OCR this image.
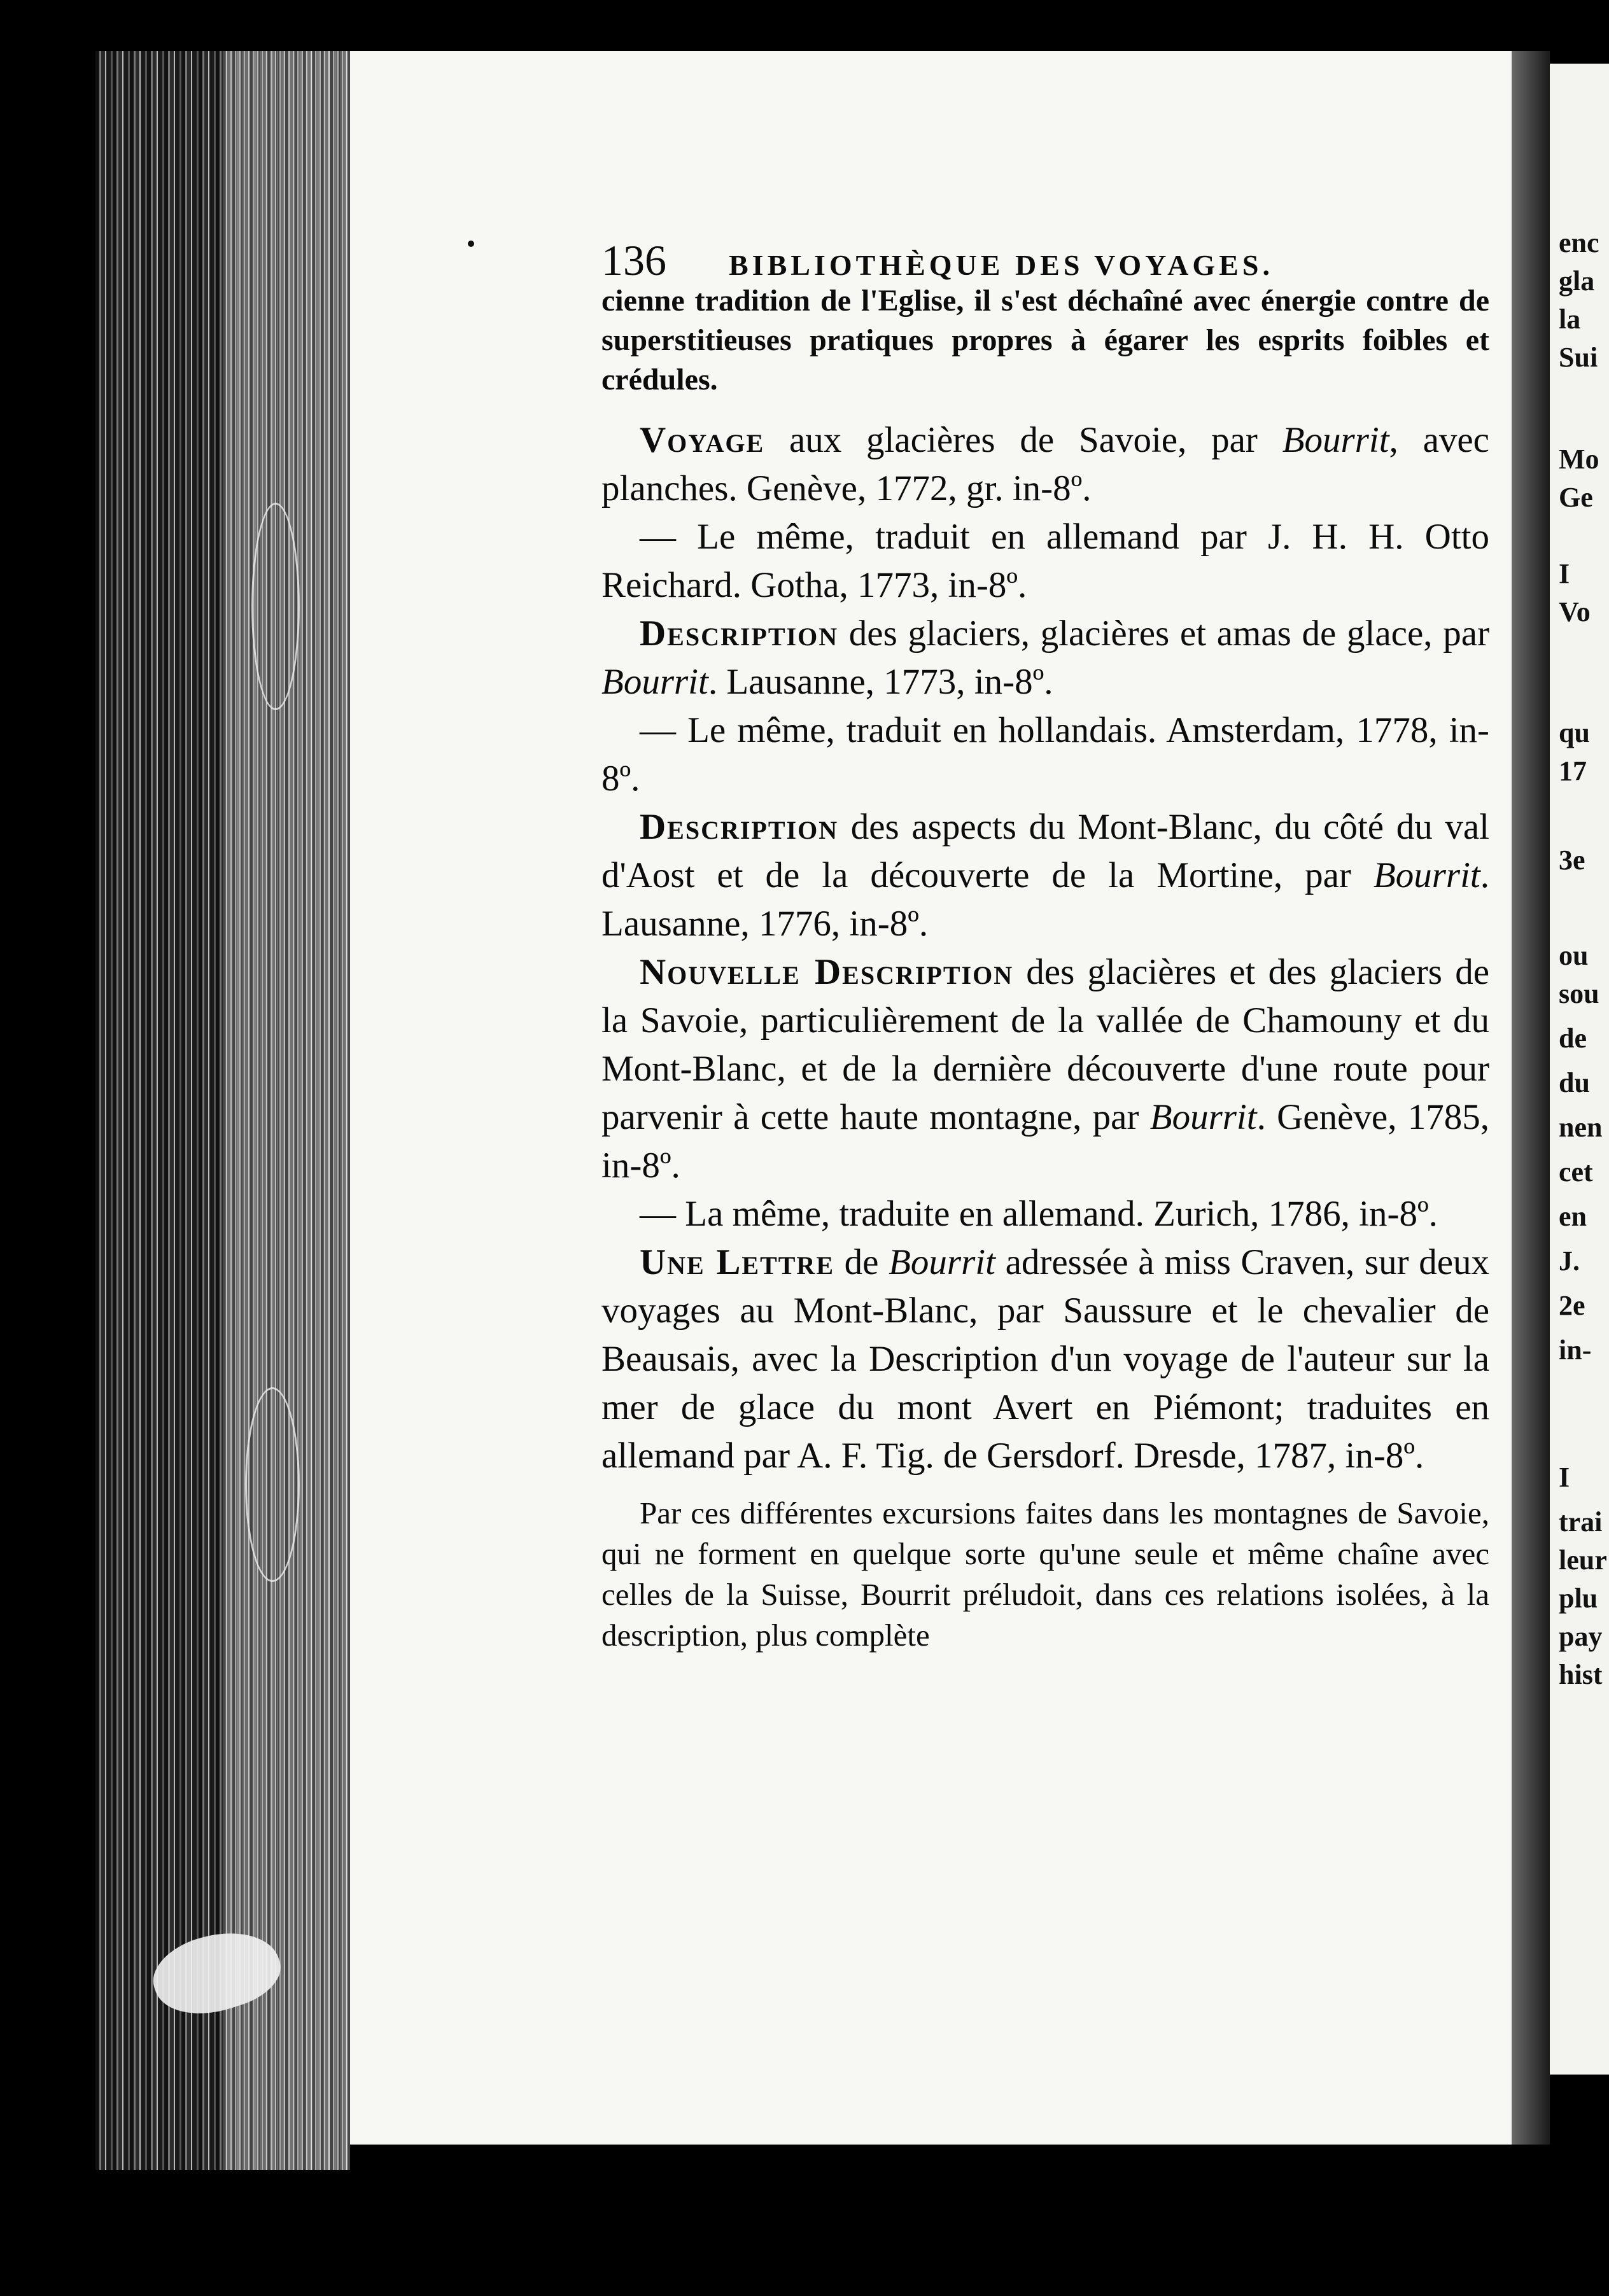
enc
gla
la
Sui
Mo
Ge
I
Vo
qu
17
3e
ou
sou
de
du
nen
cet
en
J.
2e
in-
I
trai
leur
plu
pay
hist
136	BIBLIOTHÈQUE DES VOYAGES.

cienne tradition de l'Eglise, il s'est déchaîné avec énergie contre de superstitieuses pratiques propres à égarer les esprits foibles et crédules.

Voyage aux glacières de Savoie, par Bourrit, avec planches. Genève, 1772, gr. in-8º.

— Le même, traduit en allemand par J. H. H. Otto Reichard. Gotha, 1773, in-8º.

Description des glaciers, glacières et amas de glace, par Bourrit. Lausanne, 1773, in-8º.

— Le même, traduit en hollandais. Amsterdam, 1778, in-8º.

Description des aspects du Mont-Blanc, du côté du val d'Aost et de la découverte de la Mortine, par Bourrit. Lausanne, 1776, in-8º.

Nouvelle Description des glacières et des glaciers de la Savoie, particulièrement de la vallée de Chamouny et du Mont-Blanc, et de la dernière découverte d'une route pour parvenir à cette haute montagne, par Bourrit. Genève, 1785, in-8º.

— La même, traduite en allemand. Zurich, 1786, in-8º.

Une Lettre de Bourrit adressée à miss Craven, sur deux voyages au Mont-Blanc, par Saussure et le chevalier de Beausais, avec la Description d'un voyage de l'auteur sur la mer de glace du mont Avert en Piémont; traduites en allemand par A. F. Tig. de Gersdorf. Dresde, 1787, in-8º.

Par ces différentes excursions faites dans les montagnes de Savoie, qui ne forment en quelque sorte qu'une seule et même chaîne avec celles de la Suisse, Bourrit préludoit, dans ces relations isolées, à la description, plus complète
